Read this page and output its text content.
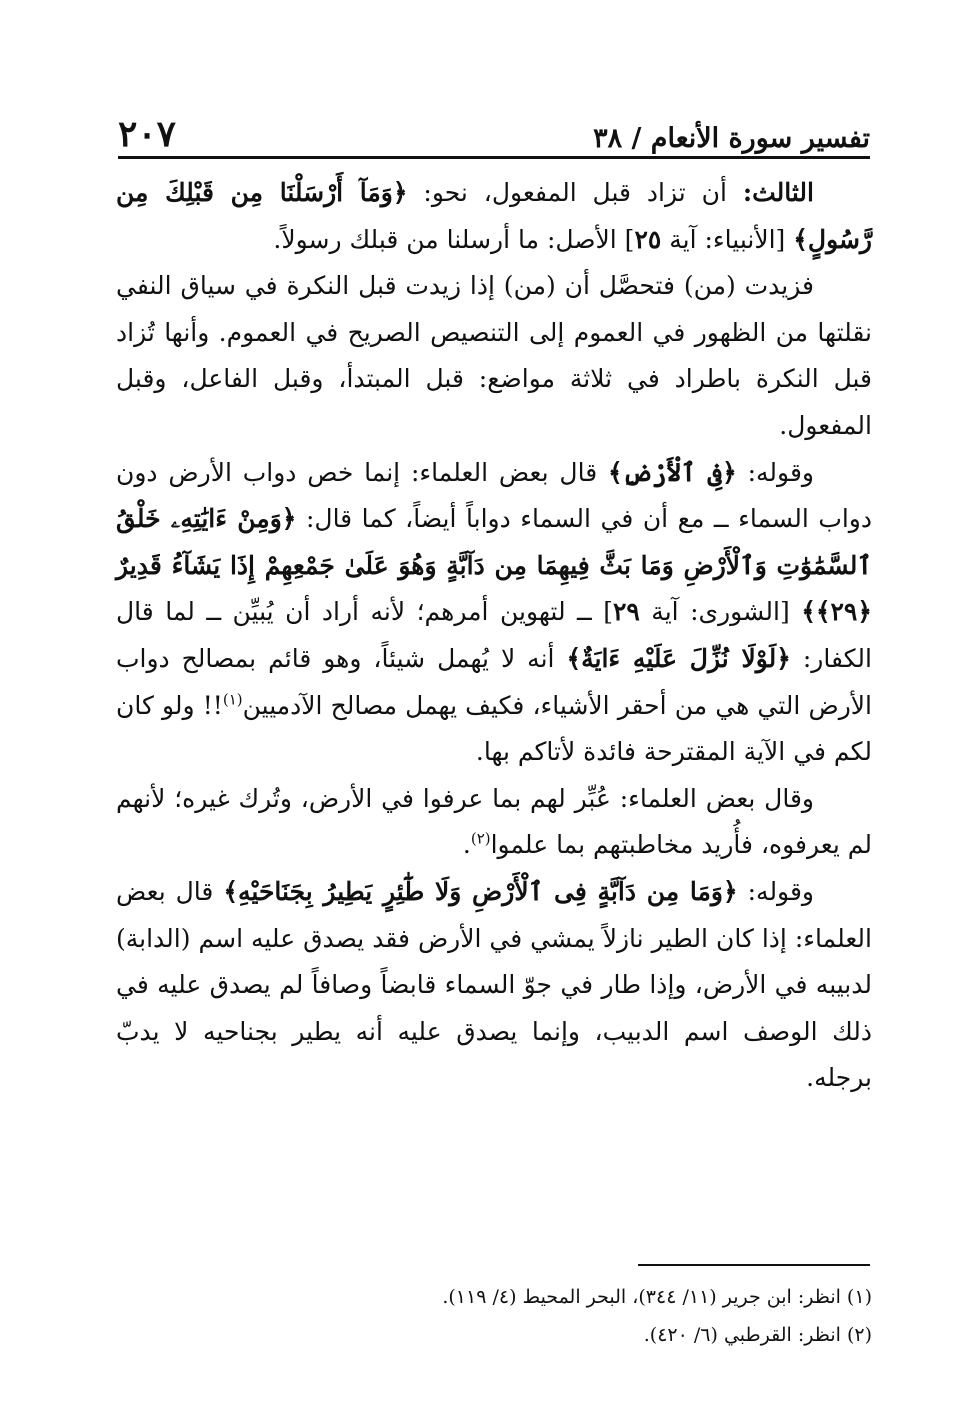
٢٠٧	تفسير سورة الأنعام / ٣٨

الثالث: أن تزاد قبل المفعول، نحو: ﴿وَمَآ أَرْسَلْنَا مِن قَبْلِكَ مِن رَّسُولٍ﴾ [الأنبياء: آية ٢٥] الأصل: ما أرسلنا من قبلك رسولاً.

فزيدت (من) فتحصَّل أن (من) إذا زيدت قبل النكرة في سياق النفي نقلتها من الظهور في العموم إلى التنصيص الصريح في العموم. وأنها تُزاد قبل النكرة باطراد في ثلاثة مواضع: قبل المبتدأ، وقبل الفاعل، وقبل المفعول.

وقوله: ﴿فِى ٱلْأَرْضِ﴾ قال بعض العلماء: إنما خص دواب الأرض دون دواب السماء ــ مع أن في السماء دواباً أيضاً، كما قال: ﴿وَمِنْ ءَايَٰتِهِۦ خَلْقُ ٱلسَّمَٰوَٰتِ وَٱلْأَرْضِ وَمَا بَثَّ فِيهِمَا مِن دَآبَّةٍ وَهُوَ عَلَىٰ جَمْعِهِمْ إِذَا يَشَآءُ قَدِيرٌ ﴿٢٩﴾﴾ [الشورى: آية ٢٩] ــ لتهوين أمرهم؛ لأنه أراد أن يُبيِّن ــ لما قال الكفار: ﴿لَوْلَا نُزِّلَ عَلَيْهِ ءَايَةٌ﴾ أنه لا يُهمل شيئاً، وهو قائم بمصالح دواب الأرض التي هي من أحقر الأشياء، فكيف يهمل مصالح الآدميين$^{(١)}$!! ولو كان لكم في الآية المقترحة فائدة لأتاكم بها.

وقال بعض العلماء: عُبِّر لهم بما عرفوا في الأرض، وتُرك غيره؛ لأنهم لم يعرفوه، فأُريد مخاطبتهم بما علموا$^{(٢)}$.

وقوله: ﴿وَمَا مِن دَآبَّةٍ فِى ٱلْأَرْضِ وَلَا طَٰٓئِرٍ يَطِيرُ بِجَنَاحَيْهِ﴾ قال بعض العلماء: إذا كان الطير نازلاً يمشي في الأرض فقد يصدق عليه اسم (الدابة) لدبيبه في الأرض، وإذا طار في جوّ السماء قابضاً وصافاً لم يصدق عليه في ذلك الوصف اسم الدبيب، وإنما يصدق عليه أنه يطير بجناحيه لا يدبّ برجله.

(١) انظر: ابن جرير (١١/ ٣٤٤)، البحر المحيط (٤/ ١١٩).

(٢) انظر: القرطبي (٦/ ٤٢٠).
